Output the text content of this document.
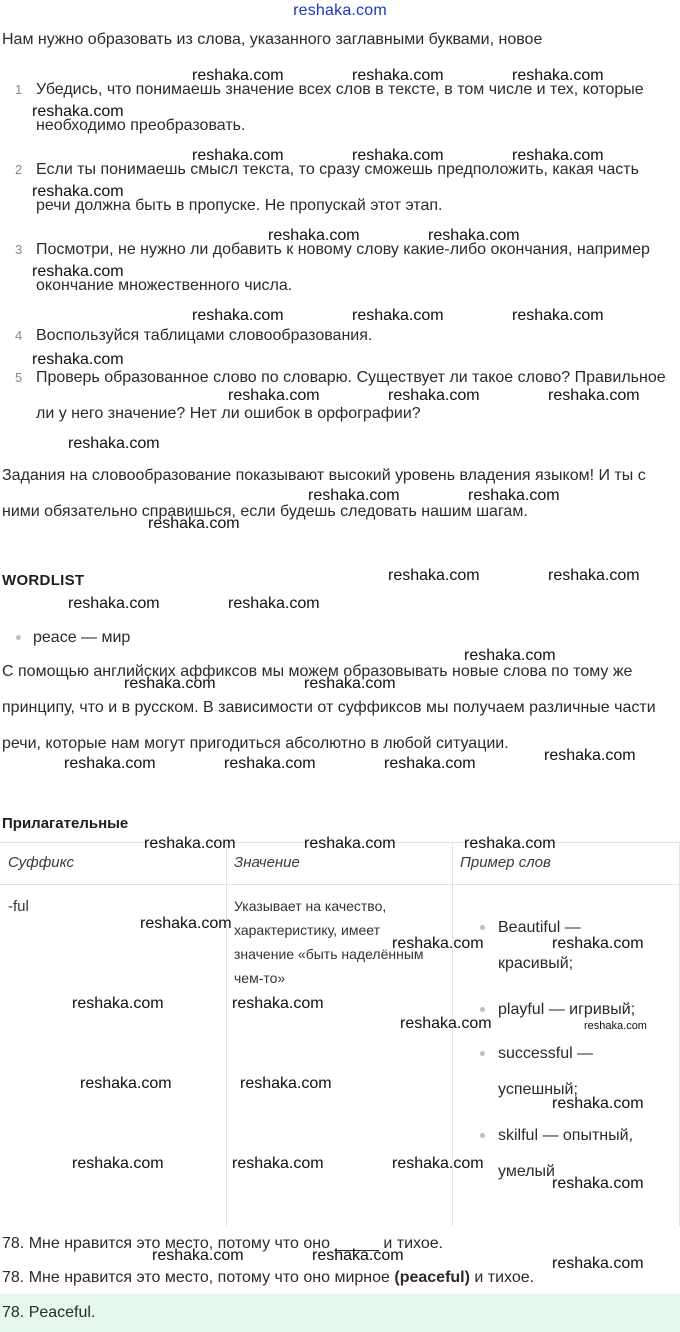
reshaka.com

Нам нужно образовать из слова, указанного заглавными буквами, новое

1 Убедись, что понимаешь значение всех слов в тексте, в том числе и тех, которые необходимо преобразовать.
2 Если ты понимаешь смысл текста, то сразу сможешь предположить, какая часть речи должна быть в пропуске. Не пропускай этот этап.
3 Посмотри, не нужно ли добавить к новому слову какие-либо окончания, например окончание множественного числа.
4 Воспользуйся таблицами словообразования.
5 Проверь образованное слово по словарю. Существует ли такое слово? Правильное ли у него значение? Нет ли ошибок в орфографии?

Задания на словообразование показывают высокий уровень владения языком! И ты с ними обязательно справишься, если будешь следовать нашим шагам.

WORDLIST
peace — мир

С помощью английских аффиксов мы можем образовывать новые слова по тому же принципу, что и в русском. В зависимости от суффиксов мы получаем различные части речи, которые нам могут пригодиться абсолютно в любой ситуации.

Прилагательные
Суффикс	Значение	Пример слов
-ful	Указывает на качество, характеристику, имеет значение «быть наделённым чем-то»
Beautiful — красивый;
playful — игривый;
successful — успешный;
skilful — опытный, умелый
78. Мне нравится это место, потому что оно _____ и тихое.
78. Мне нравится это место, потому что оно мирное (peaceful) и тихое.
78. Peaceful.
reshaka.com	reshaka.com	reshaka.com
reshaka.com
reshaka.com	reshaka.com	reshaka.com
reshaka.com
reshaka.com	reshaka.com
reshaka.com
reshaka.com	reshaka.com	reshaka.com
reshaka.com
reshaka.com	reshaka.com	reshaka.com
reshaka.com
reshaka.com	reshaka.com
reshaka.com
reshaka.com	reshaka.com
reshaka.com	reshaka.com
reshaka.com
reshaka.com	reshaka.com
reshaka.com
reshaka.com	reshaka.com	reshaka.com
reshaka.com	reshaka.com	reshaka.com
reshaka.com
reshaka.com	reshaka.com
reshaka.com	reshaka.com
reshaka.com	reshaka.com
reshaka.com	reshaka.com
reshaka.com
reshaka.com	reshaka.com	reshaka.com
reshaka.com
reshaka.com	reshaka.com	reshaka.com
